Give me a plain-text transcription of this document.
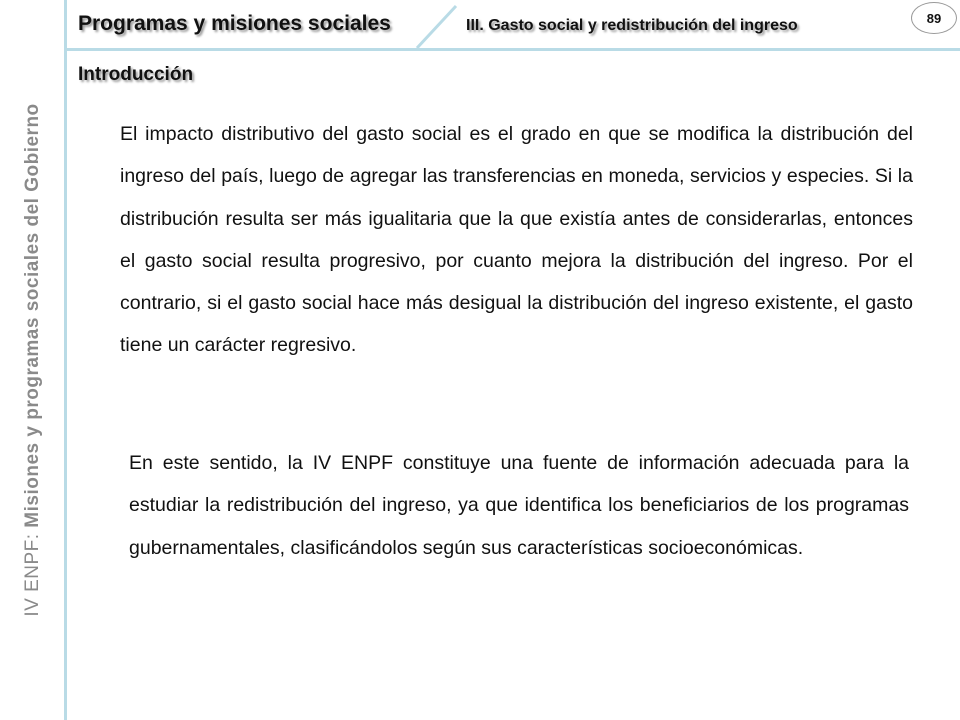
IV ENPF: Misiones y programas sociales del Gobierno
Programas y misiones sociales	III. Gasto social y redistribución del ingreso	89
Introducción

El impacto distributivo del gasto social es el grado en que se modifica la distribución del ingreso del país, luego de agregar las transferencias en moneda, servicios y especies. Si la distribución resulta ser más igualitaria que la que existía antes de considerarlas, entonces el gasto social resulta progresivo, por cuanto mejora la distribución del ingreso. Por el contrario, si el gasto social hace más desigual la distribución del ingreso existente, el gasto tiene un carácter regresivo.

En este sentido, la IV ENPF constituye una fuente de información adecuada para la estudiar la redistribución del ingreso, ya que identifica los beneficiarios de los programas gubernamentales, clasificándolos según sus características socioeconómicas.
